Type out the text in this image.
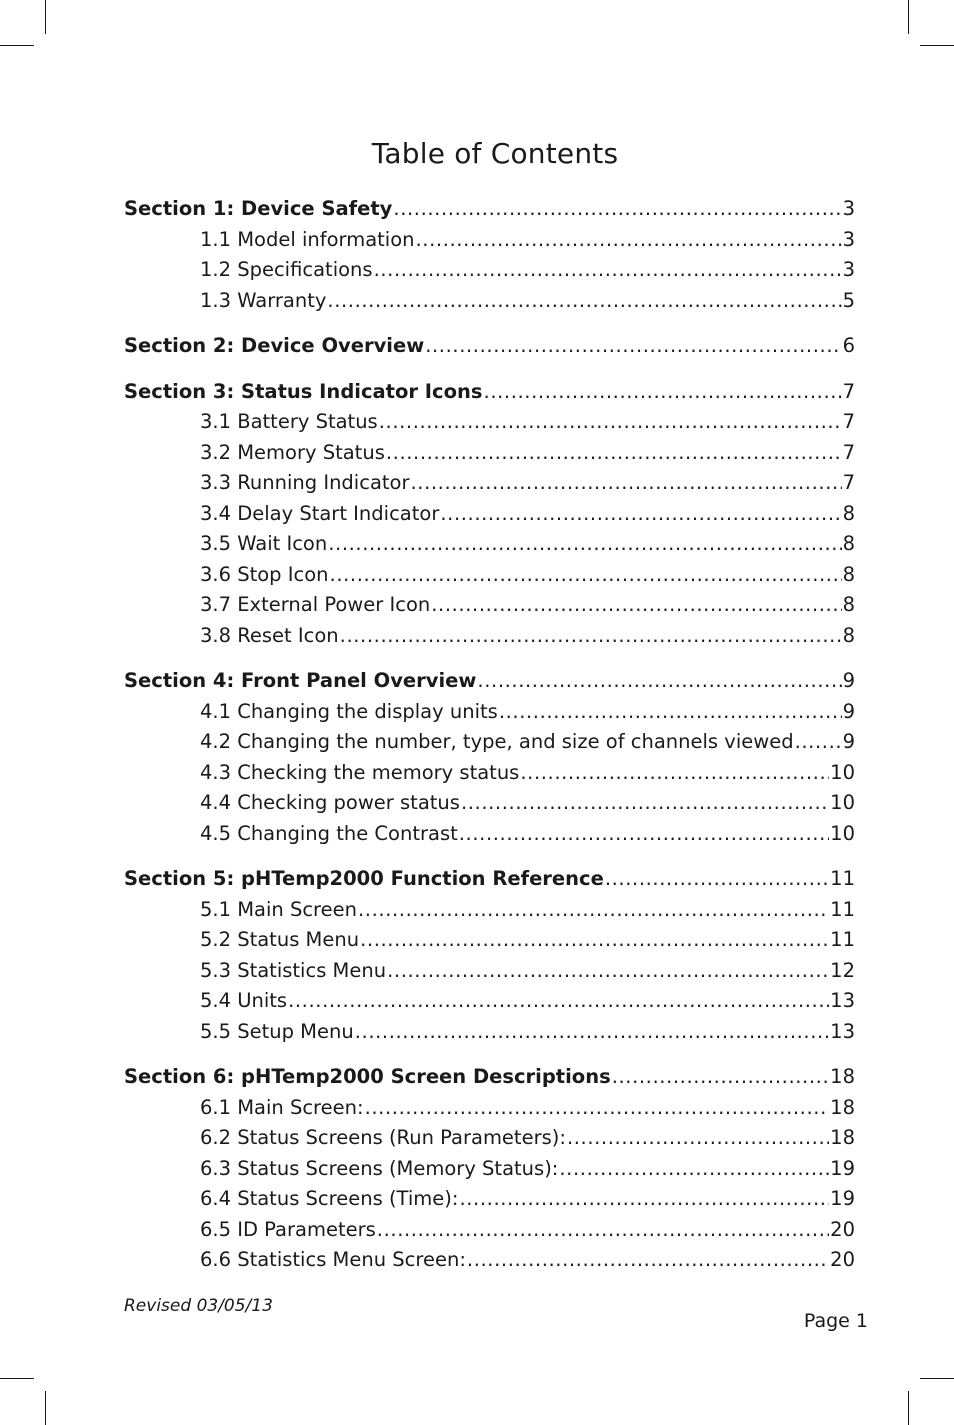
Table of Contents
Section 1: Device Safety .....	3
1.1 Model information .....	3
1.2 Specifications .....	3
1.3 Warranty .....	5
Section 2: Device Overview .....	6
Section 3: Status Indicator Icons .....	7
3.1 Battery Status .....	7
3.2 Memory Status .....	7
3.3 Running Indicator .....	7
3.4 Delay Start Indicator .....	8
3.5 Wait Icon .....	8
3.6 Stop Icon .....	8
3.7 External Power Icon .....	8
3.8 Reset Icon .....	8
Section 4: Front Panel Overview .....	9
4.1 Changing the display units .....	9
4.2 Changing the number, type, and size of channels viewed .....	9
4.3 Checking the memory status .....	10
4.4 Checking power status .....	10
4.5 Changing the Contrast .....	10
Section 5: pHTemp2000 Function Reference .....	11
5.1 Main Screen .....	11
5.2 Status Menu .....	11
5.3 Statistics Menu .....	12
5.4 Units .....	13
5.5 Setup Menu .....	13
Section 6: pHTemp2000 Screen Descriptions .....	18
6.1 Main Screen: .....	18
6.2 Status Screens (Run Parameters): .....	18
6.3 Status Screens (Memory Status): .....	19
6.4 Status Screens (Time): .....	19
6.5 ID Parameters .....	20
6.6 Statistics Menu Screen: .....	20
Revised 03/05/13
Page 1
